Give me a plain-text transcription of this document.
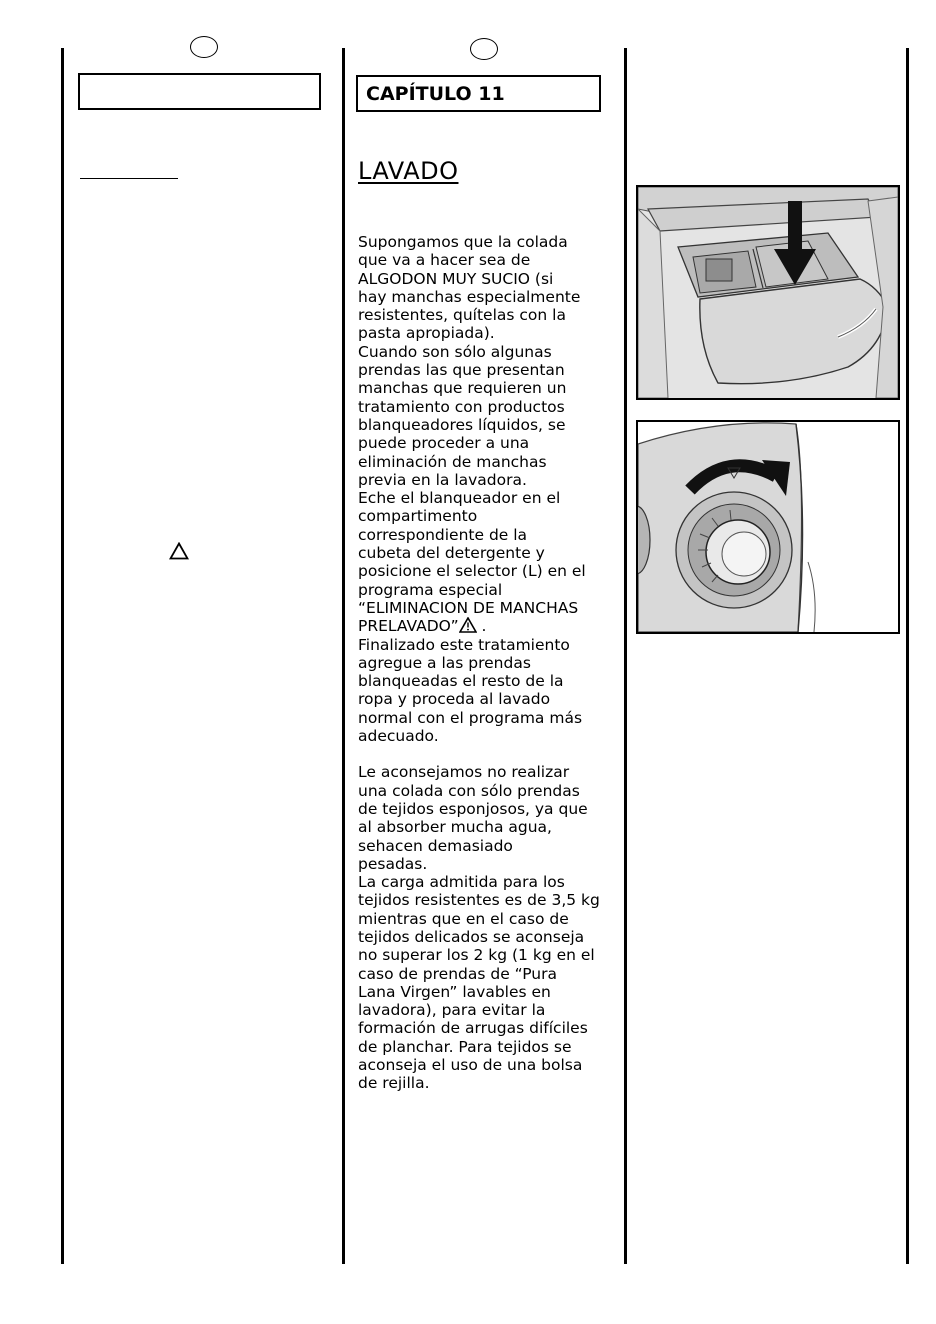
CAPÍTULO 11
LAVADO

Supongamos que la colada
que va a hacer sea de
ALGODON MUY SUCIO (si
hay manchas especialmente
resistentes, quítelas con la
pasta apropiada).
Cuando son sólo algunas
prendas las que presentan
manchas que requieren un
tratamiento con productos
blanqueadores líquidos, se
puede proceder a una
eliminación de manchas
previa en la lavadora.
Eche el blanqueador en el
compartimento
correspondiente de la
cubeta del detergente y
posicione el selector (L) en el
programa especial
“ELIMINACION DE MANCHAS
PRELAVADO” .
Finalizado este tratamiento
agregue a las prendas
blanqueadas el resto de la
ropa y proceda al lavado
normal con el programa más
adecuado.

Le aconsejamos no realizar
una colada con sólo prendas
de tejidos esponjosos, ya que
al absorber mucha agua,
sehacen demasiado
pesadas.
La carga admitida para los
tejidos resistentes es de 3,5 kg
mientras que en el caso de
tejidos delicados se aconseja
no superar los 2 kg (1 kg en el
caso de prendas de “Pura
Lana Virgen” lavables en
lavadora), para evitar la
formación de arrugas difíciles
de planchar. Para tejidos se
aconseja el uso de una bolsa
de rejilla.
